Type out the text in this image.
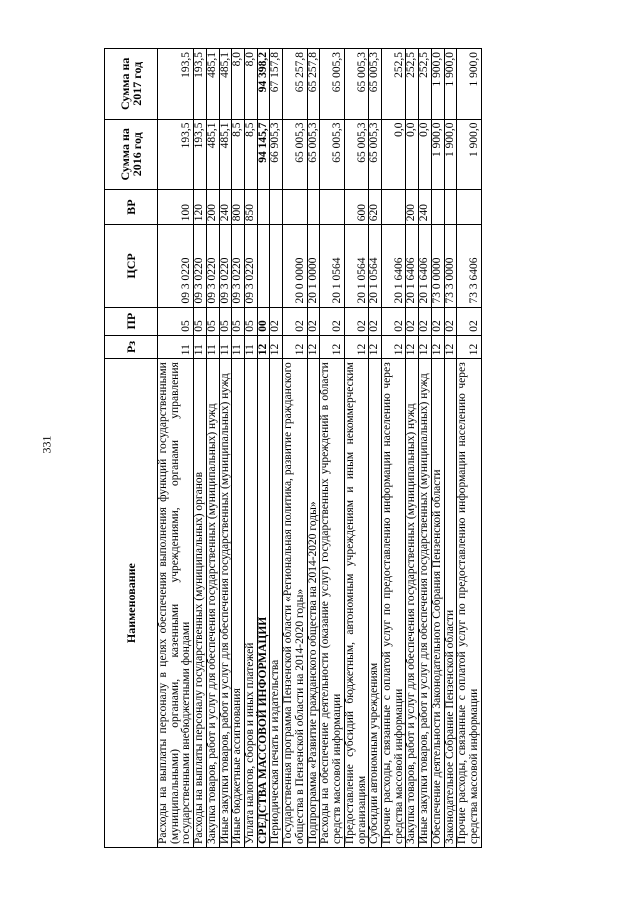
331
Наименование	Рз	ПР	ЦСР	ВР	Сумма на 2016 год	Сумма на 2017 год
Расходы на выплаты персоналу в целях обеспечения выполнения функций государственными (муниципальными) органами, казенными учреждениями, органами управления государственными внебюджетными фондами	11	05	09 3 0220	100	193,5	193,5
Расходы на выплаты персоналу государственных (муниципальных) органов	11	05	09 3 0220	120	193,5	193,5
Закупка товаров, работ и услуг для обеспечения государственных (муниципальных) нужд	11	05	09 3 0220	200	485,1	485,1
Иные закупки товаров, работ и услуг для обеспечения государственных (муниципальных) нужд	11	05	09 3 0220	240	485,1	485,1
Иные бюджетные ассигнования	11	05	09 3 0220	800	8,5	8,0
Уплата налогов, сборов и иных платежей	11	05	09 3 0220	850	8,5	8,0
СРЕДСТВА МАССОВОЙ ИНФОРМАЦИИ	12	00			94 145,7	94 398,2
Периодическая печать и издательства	12	02			66 905,3	67 157,8
Государственная программа Пензенской области «Региональная политика, развитие гражданского общества в Пензенской области на 2014-2020 годы»	12	02	20 0 0000		65 005,3	65 257,8
Подпрограмма «Развитие гражданского общества на 2014-2020 годы»	12	02	20 1 0000		65 005,3	65 257,8
Расходы на обеспечение деятельности (оказание услуг) государственных учреждений в области средств массовой информации	12	02	20 1 0564		65 005,3	65 005,3
Предоставление субсидий бюджетным, автономным учреждениям и иным некоммерческим организациям	12	02	20 1 0564	600	65 005,3	65 005,3
Субсидии автономным учреждениям	12	02	20 1 0564	620	65 005,3	65 005,3
Прочие расходы, связанные с оплатой услуг по предоставлению информации населению через средства массовой информации	12	02	20 1 6406		0,0	252,5
Закупка товаров, работ и услуг для обеспечения государственных (муниципальных) нужд	12	02	20 1 6406	200	0,0	252,5
Иные закупки товаров, работ и услуг для обеспечения государственных (муниципальных) нужд	12	02	20 1 6406	240	0,0	252,5
Обеспечение деятельности Законодательного Собрания Пензенской области	12	02	73 0 0000		1 900,0	1 900,0
Законодательное Собрание Пензенской области	12	02	73 3 0000		1 900,0	1 900,0
Прочие расходы, связанные с оплатой услуг по предоставлению информации населению через средства массовой информации	12	02	73 3 6406		1 900,0	1 900,0
